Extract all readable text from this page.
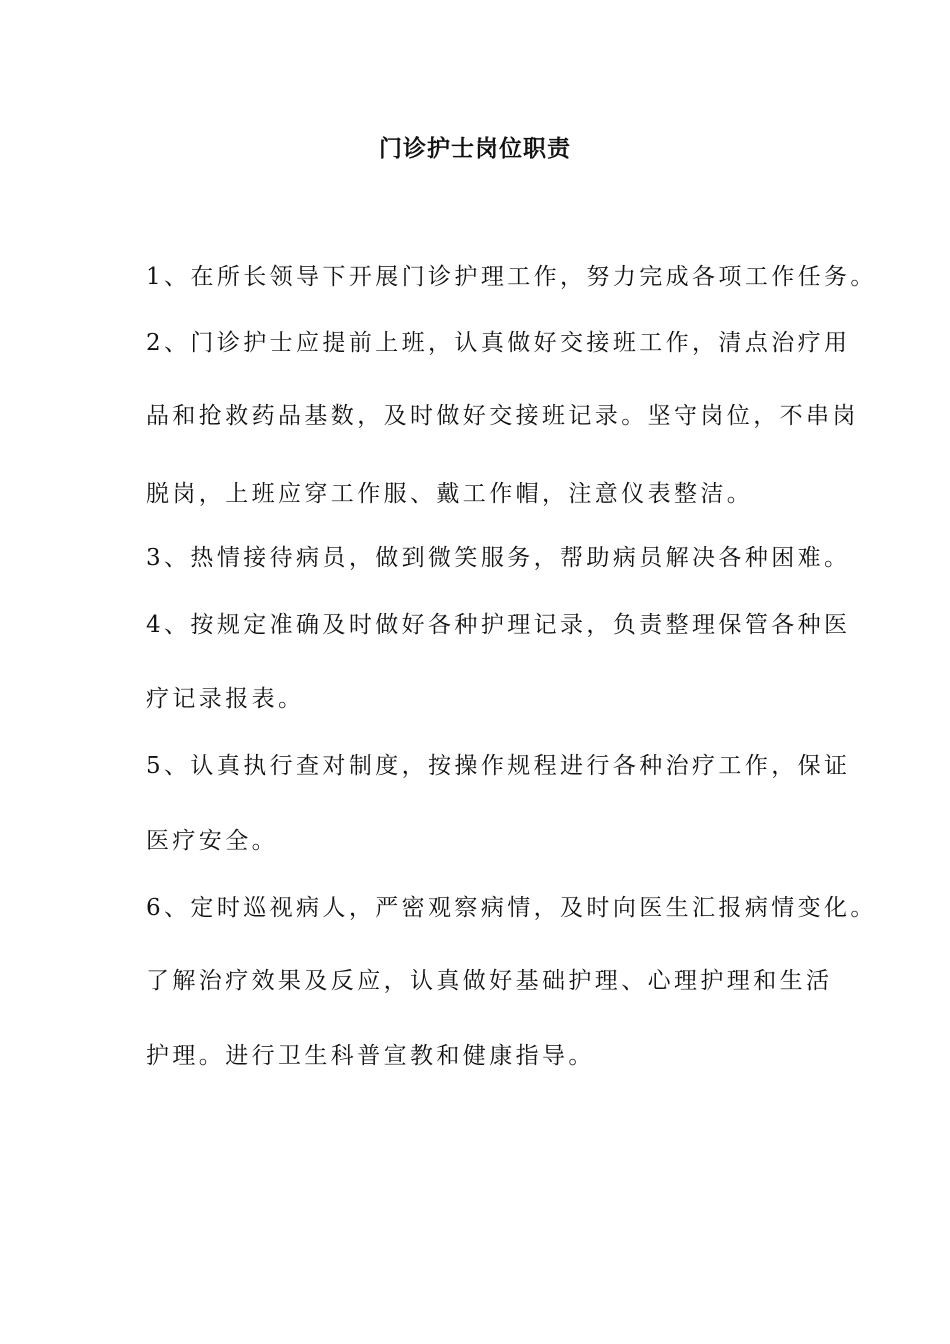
门诊护士岗位职责
1、在所长领导下开展门诊护理工作，努力完成各项工作任务。
2、门诊护士应提前上班，认真做好交接班工作，清点治疗用
品和抢救药品基数，及时做好交接班记录。坚守岗位，不串岗
脱岗，上班应穿工作服、戴工作帽，注意仪表整洁。
3、热情接待病员，做到微笑服务，帮助病员解决各种困难。
4、按规定准确及时做好各种护理记录，负责整理保管各种医
疗记录报表。
5、认真执行查对制度，按操作规程进行各种治疗工作，保证
医疗安全。
6、定时巡视病人，严密观察病情，及时向医生汇报病情变化。
了解治疗效果及反应，认真做好基础护理、心理护理和生活
护理。进行卫生科普宣教和健康指导。
